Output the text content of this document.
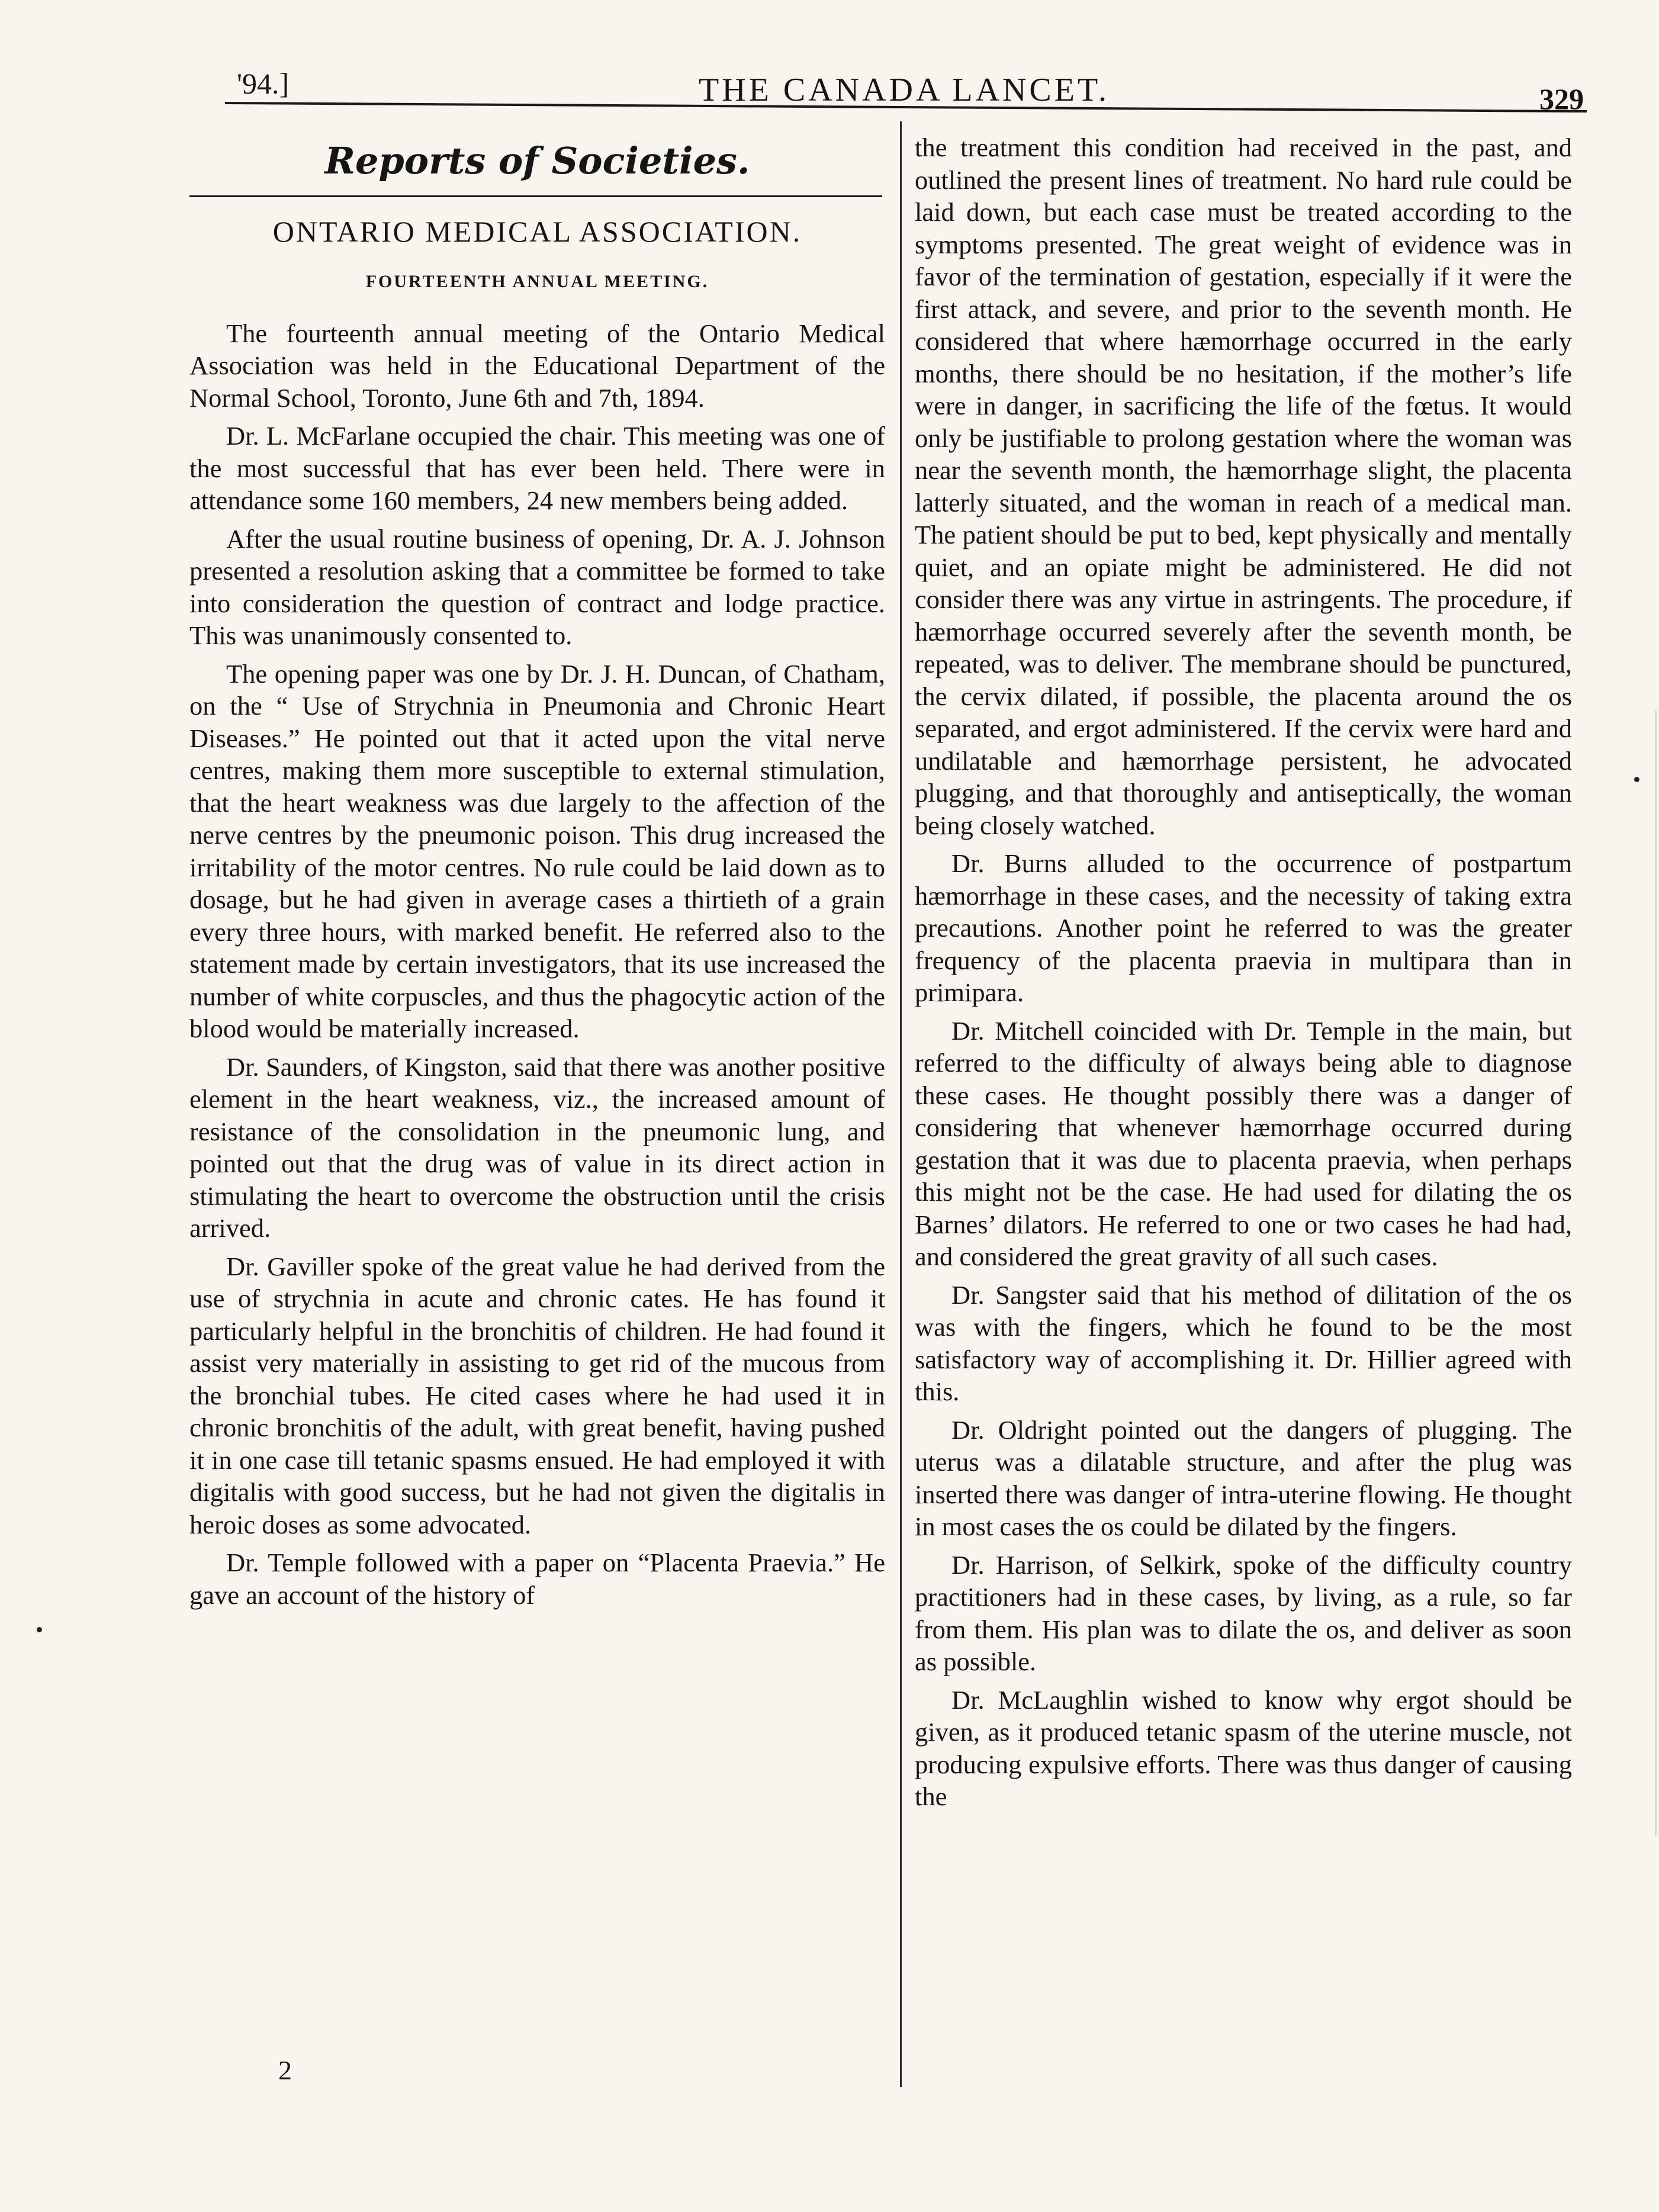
'94.]	THE CANADA LANCET.	329
Reports of Societies.
ONTARIO MEDICAL ASSOCIATION.
FOURTEENTH ANNUAL MEETING.

The fourteenth annual meeting of the Ontario Medical Association was held in the Educational Department of the Normal School, Toronto, June 6th and 7th, 1894.

Dr. L. McFarlane occupied the chair. This meeting was one of the most successful that has ever been held. There were in attendance some 160 members, 24 new members being added.

After the usual routine business of opening, Dr. A. J. Johnson presented a resolution asking that a committee be formed to take into consideration the question of contract and lodge practice. This was unanimously consented to.

The opening paper was one by Dr. J. H. Duncan, of Chatham, on the “ Use of Strychnia in Pneumonia and Chronic Heart Diseases.” He pointed out that it acted upon the vital nerve centres, making them more susceptible to external stimulation, that the heart weakness was due largely to the affection of the nerve centres by the pneumonic poison. This drug increased the irritability of the motor centres. No rule could be laid down as to dosage, but he had given in average cases a thirtieth of a grain every three hours, with marked benefit. He referred also to the statement made by certain investigators, that its use increased the number of white corpuscles, and thus the phagocytic action of the blood would be materially increased.

Dr. Saunders, of Kingston, said that there was another positive element in the heart weakness, viz., the increased amount of resistance of the consolidation in the pneumonic lung, and pointed out that the drug was of value in its direct action in stimulating the heart to overcome the obstruction until the crisis arrived.

Dr. Gaviller spoke of the great value he had derived from the use of strychnia in acute and chronic cates. He has found it particularly helpful in the bronchitis of children. He had found it assist very materially in assisting to get rid of the mucous from the bronchial tubes. He cited cases where he had used it in chronic bronchitis of the adult, with great benefit, having pushed it in one case till tetanic spasms ensued. He had employed it with digitalis with good success, but he had not given the digitalis in heroic doses as some advocated.

Dr. Temple followed with a paper on “Placenta Praevia.” He gave an account of the history of

the treatment this condition had received in the past, and outlined the present lines of treatment. No hard rule could be laid down, but each case must be treated according to the symptoms presented. The great weight of evidence was in favor of the termination of gestation, especially if it were the first attack, and severe, and prior to the seventh month. He considered that where hæmorrhage occurred in the early months, there should be no hesitation, if the mother’s life were in danger, in sacrificing the life of the fœtus. It would only be justifiable to prolong gestation where the woman was near the seventh month, the hæmorrhage slight, the placenta latterly situated, and the woman in reach of a medical man. The patient should be put to bed, kept physically and mentally quiet, and an opiate might be administered. He did not consider there was any virtue in astringents. The procedure, if hæmorrhage occurred severely after the seventh month, be repeated, was to deliver. The membrane should be punctured, the cervix dilated, if possible, the placenta around the os separated, and ergot administered. If the cervix were hard and undilatable and hæmorrhage persistent, he advocated plugging, and that thoroughly and antiseptically, the woman being closely watched.

Dr. Burns alluded to the occurrence of postpartum hæmorrhage in these cases, and the necessity of taking extra precautions. Another point he referred to was the greater frequency of the placenta praevia in multipara than in primipara.

Dr. Mitchell coincided with Dr. Temple in the main, but referred to the difficulty of always being able to diagnose these cases. He thought possibly there was a danger of considering that whenever hæmorrhage occurred during gestation that it was due to placenta praevia, when perhaps this might not be the case. He had used for dilating the os Barnes’ dilators. He referred to one or two cases he had had, and considered the great gravity of all such cases.

Dr. Sangster said that his method of dilitation of the os was with the fingers, which he found to be the most satisfactory way of accomplishing it. Dr. Hillier agreed with this.

Dr. Oldright pointed out the dangers of plugging. The uterus was a dilatable structure, and after the plug was inserted there was danger of intra-uterine flowing. He thought in most cases the os could be dilated by the fingers.

Dr. Harrison, of Selkirk, spoke of the difficulty country practitioners had in these cases, by living, as a rule, so far from them. His plan was to dilate the os, and deliver as soon as possible.

Dr. McLaughlin wished to know why ergot should be given, as it produced tetanic spasm of the uterine muscle, not producing expulsive efforts. There was thus danger of causing the

2
